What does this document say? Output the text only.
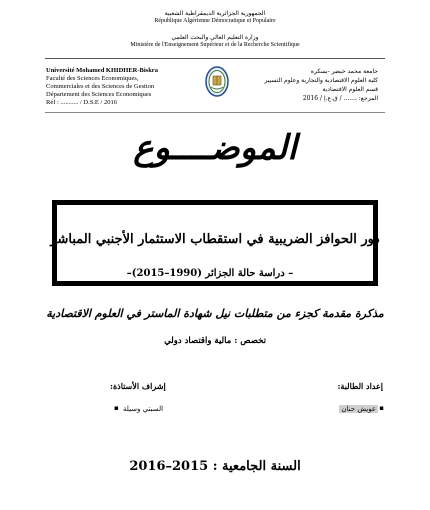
الجمهورية الجزائرية الديمقراطية الشعبية
République Algérienne Démocratique et Populaire
وزارة التعليم العالي والبحث العلمي
Ministère de l'Enseignement Supérieur et de la Recherche Scientifique
Université Mohamed KHIDHER-Biskra
Faculté des Sciences Economiques,
Commerciales et des Sciences de Gestion
Département des Sciences Economiques
Réf : ........... / D.S.E / 2016
جامعة محمد خيضر -بسكرة
كلية العلوم الاقتصادية والتجارية وعلوم التسيير
قسم العلوم الاقتصادية
المرجع: ....... / ق.ع.إ / 2016
الموضــــوع
دور الحوافز الضريبية في استقطاب الاستثمار الأجنبي المباشر
– دراسة حالة الجزائر (1990–2015)–
مذكرة مقدمة كجزء من متطلبات نيل شهادة الماستر في العلوم الاقتصادية
تخصص : مالية واقتصاد دولي
إعداد الطالبة:
إشراف الأستاذة:
▪
عويش حنان
▪ السبتي وسيلة
السنة الجامعية : 2015–2016
